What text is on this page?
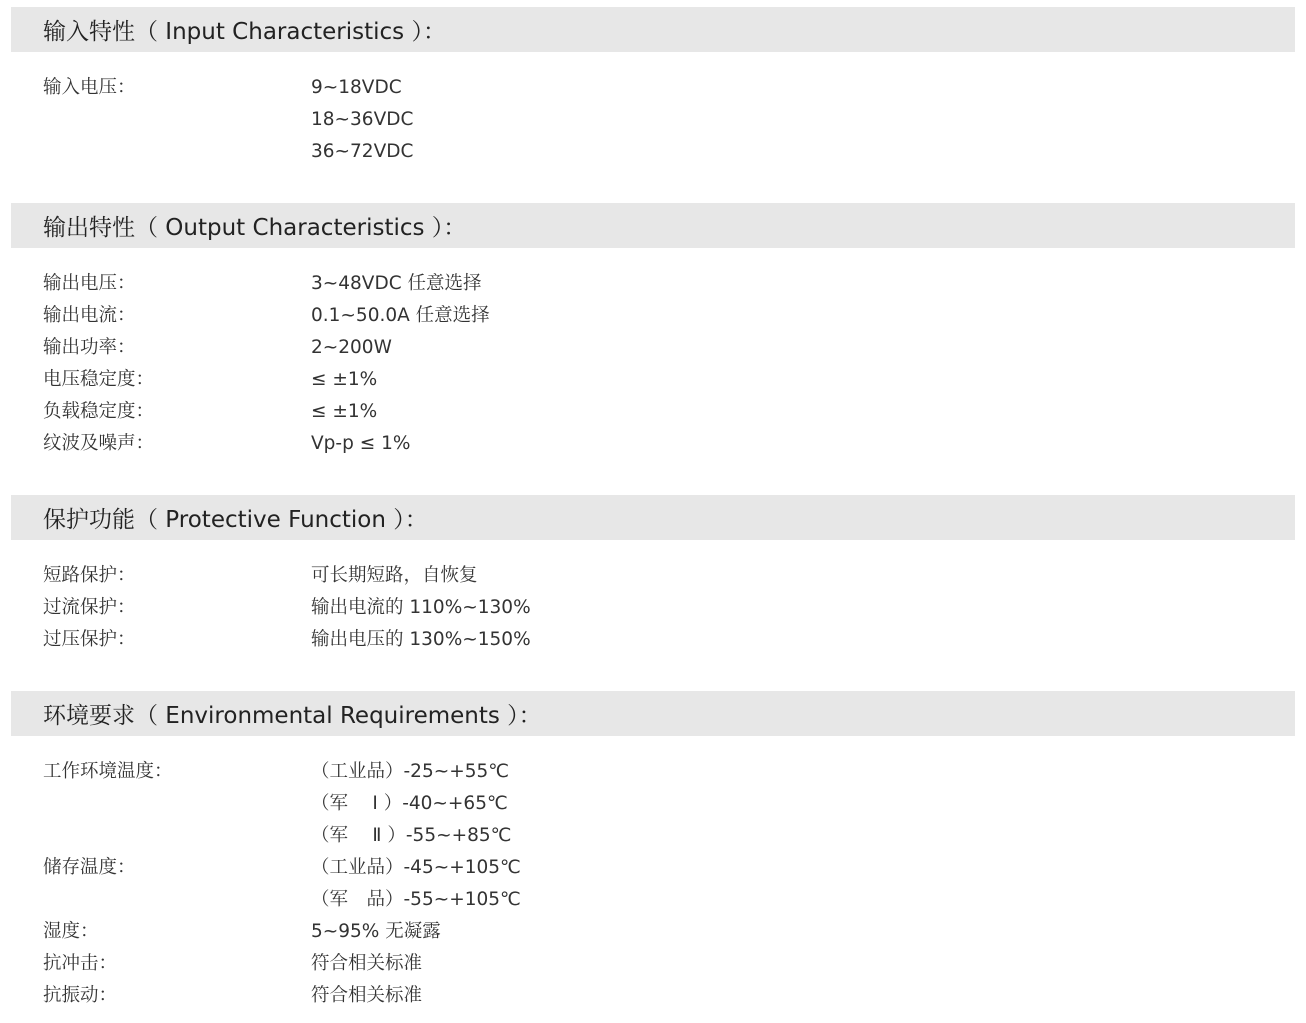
输入特性（ Input Characteristics ）：
输入电压：	9~18VDC
18~36VDC
36~72VDC
输出特性（ Output Characteristics ）：
输出电压：	3~48VDC 任意选择
输出电流：	0.1~50.0A 任意选择
输出功率：	2~200W
电压稳定度：	≤ ±1%
负载稳定度：	≤ ±1%
纹波及噪声：	Vp-p ≤ 1%
保护功能（ Protective Function ）：
短路保护：	可长期短路，自恢复
过流保护：	输出电流的 110%~130%
过压保护：	输出电压的 130%~150%
环境要求（ Environmental Requirements ）：
工作环境温度：	（工业品）-25~+55℃
（军　 Ⅰ ）-40~+65℃
（军　 Ⅱ ）-55~+85℃
储存温度：	（工业品）-45~+105℃
（军　品）-55~+105℃
湿度：	5~95% 无凝露
抗冲击：	符合相关标准
抗振动：	符合相关标准
